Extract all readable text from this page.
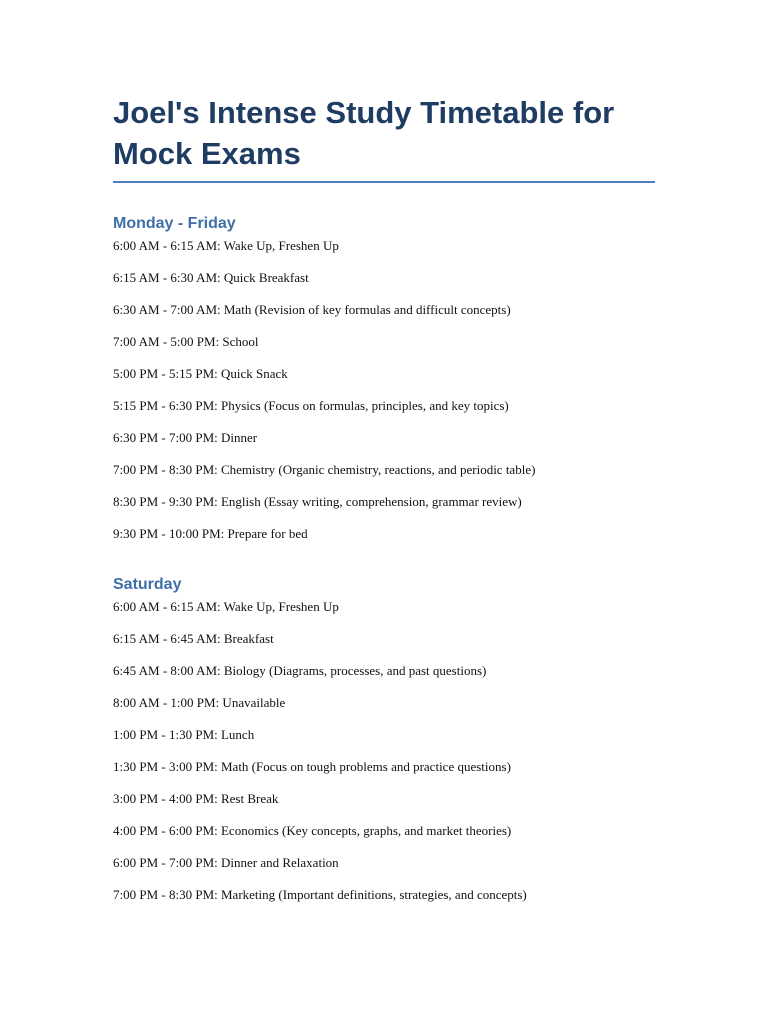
Joel's Intense Study Timetable for Mock Exams
Monday - Friday

6:00 AM - 6:15 AM: Wake Up, Freshen Up

6:15 AM - 6:30 AM: Quick Breakfast

6:30 AM - 7:00 AM: Math (Revision of key formulas and difficult concepts)

7:00 AM - 5:00 PM: School

5:00 PM - 5:15 PM: Quick Snack

5:15 PM - 6:30 PM: Physics (Focus on formulas, principles, and key topics)

6:30 PM - 7:00 PM: Dinner

7:00 PM - 8:30 PM: Chemistry (Organic chemistry, reactions, and periodic table)

8:30 PM - 9:30 PM: English (Essay writing, comprehension, grammar review)

9:30 PM - 10:00 PM: Prepare for bed

Saturday

6:00 AM - 6:15 AM: Wake Up, Freshen Up

6:15 AM - 6:45 AM: Breakfast

6:45 AM - 8:00 AM: Biology (Diagrams, processes, and past questions)

8:00 AM - 1:00 PM: Unavailable

1:00 PM - 1:30 PM: Lunch

1:30 PM - 3:00 PM: Math (Focus on tough problems and practice questions)

3:00 PM - 4:00 PM: Rest Break

4:00 PM - 6:00 PM: Economics (Key concepts, graphs, and market theories)

6:00 PM - 7:00 PM: Dinner and Relaxation

7:00 PM - 8:30 PM: Marketing (Important definitions, strategies, and concepts)
